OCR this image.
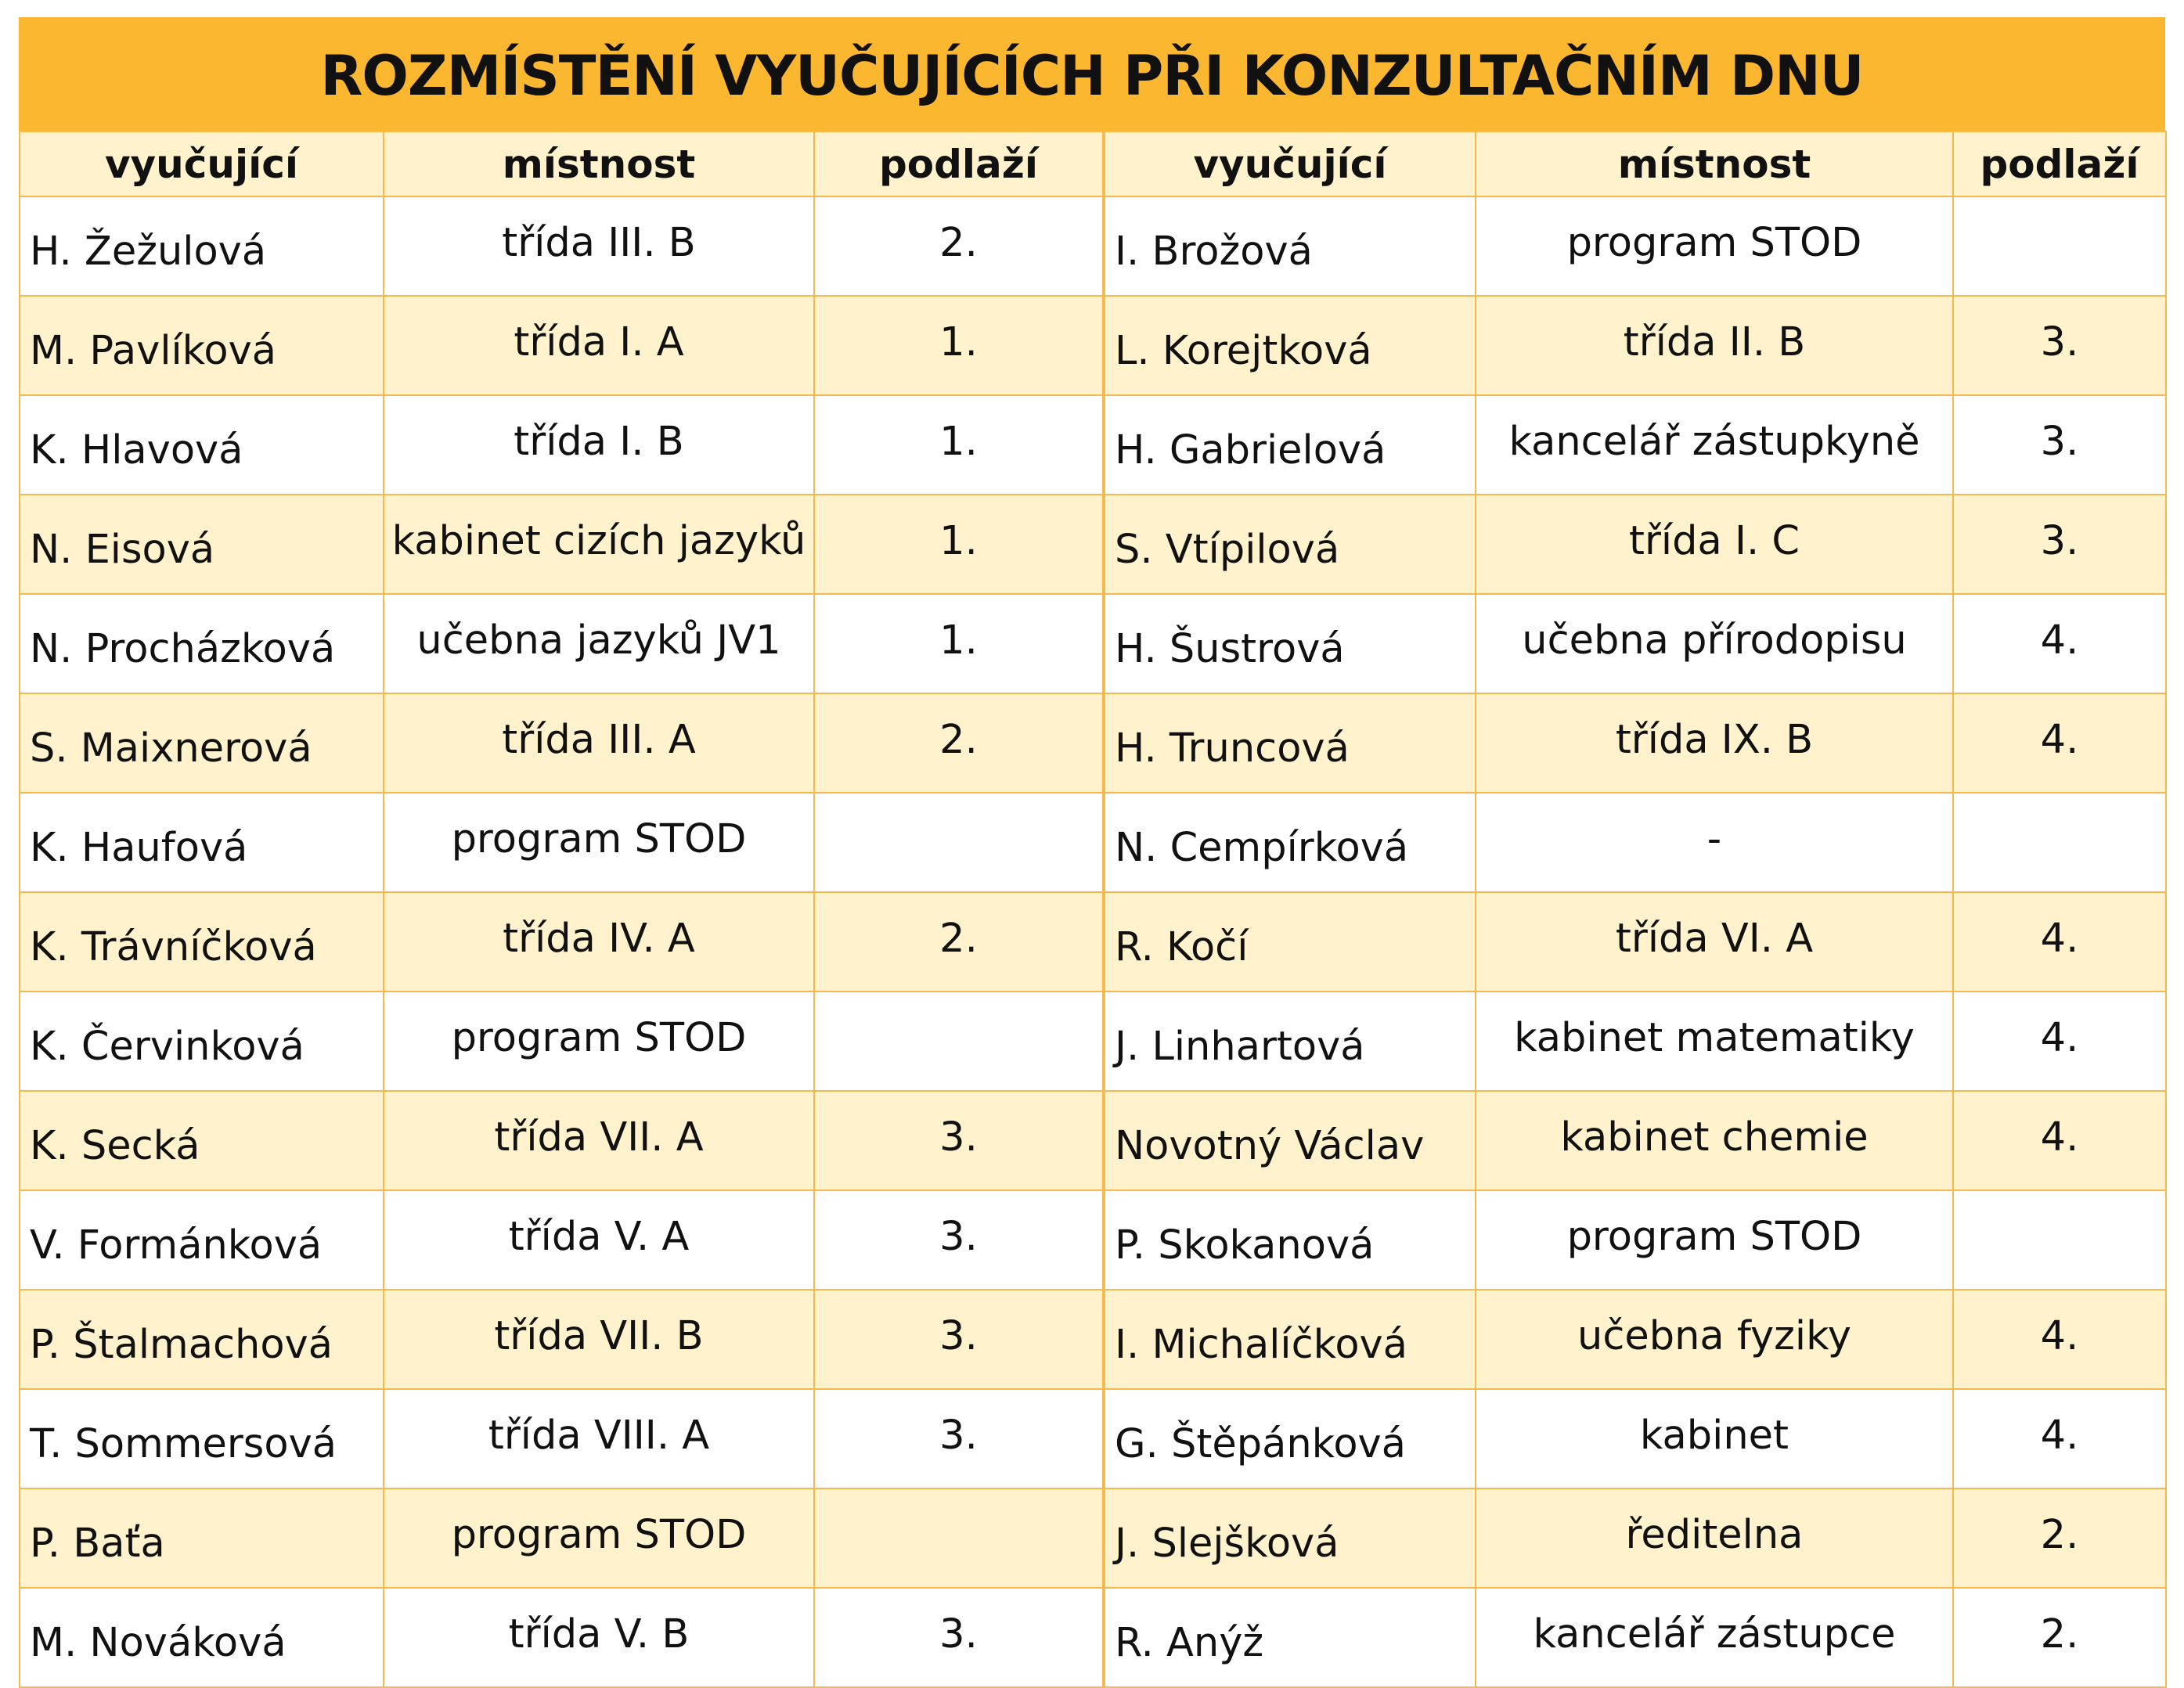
ROZMÍSTĚNÍ VYUČUJÍCÍCH PŘI KONZULTAČNÍM DNU
vyučující	místnost	podlaží	vyučující	místnost	podlaží
H. Žežulová	třída III. B	2.	I. Brožová	program STOD	
M. Pavlíková	třída I. A	1.	L. Korejtková	třída II. B	3.
K. Hlavová	třída I. B	1.	H. Gabrielová	kancelář zástupkyně	3.
N. Eisová	kabinet cizích jazyků	1.	S. Vtípilová	třída I. C	3.
N. Procházková	učebna jazyků JV1	1.	H. Šustrová	učebna přírodopisu	4.
S. Maixnerová	třída III. A	2.	H. Truncová	třída IX. B	4.
K. Haufová	program STOD		N. Cempírková	-	
K. Trávníčková	třída IV. A	2.	R. Kočí	třída VI. A	4.
K. Červinková	program STOD		J. Linhartová	kabinet matematiky	4.
K. Secká	třída VII. A	3.	Novotný Václav	kabinet chemie	4.
V. Formánková	třída V. A	3.	P. Skokanová	program STOD	
P. Štalmachová	třída VII. B	3.	I. Michalíčková	učebna fyziky	4.
T. Sommersová	třída VIII. A	3.	G. Štěpánková	kabinet	4.
P. Baťa	program STOD		J. Slejšková	ředitelna	2.
M. Nováková	třída V. B	3.	R. Anýž	kancelář zástupce	2.
